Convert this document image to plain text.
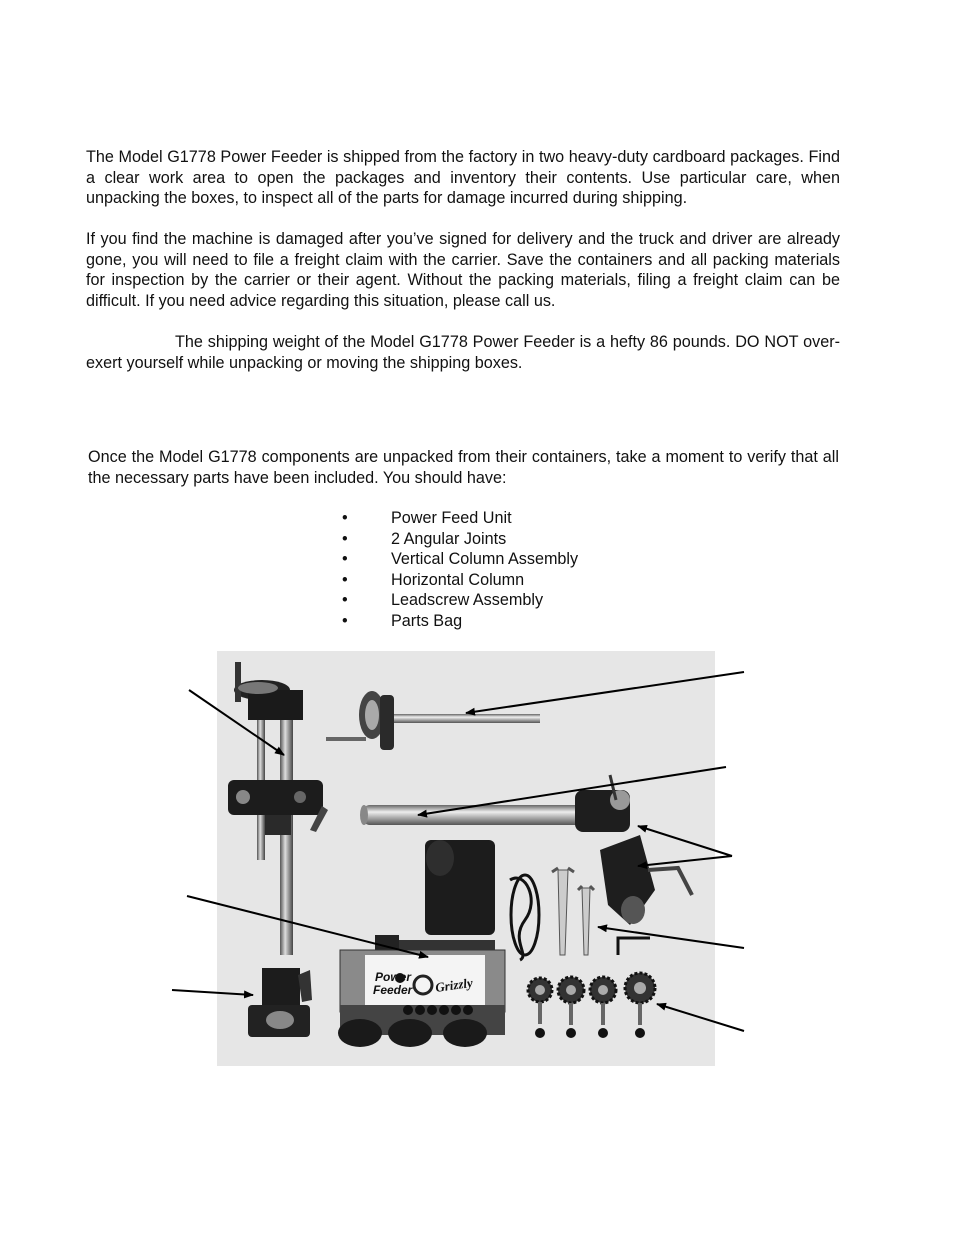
The Model G1778 Power Feeder is shipped from the factory in two heavy-duty cardboard packages. Find a clear work area to open the packages and inventory their contents. Use particular care, when unpacking the boxes, to inspect all of the parts for damage incurred during shipping.

If you find the machine is damaged after you’ve signed for delivery and the truck and driver are already gone, you will need to file a freight claim with the carrier. Save the containers and all packing materials for inspection by the carrier or their agent. Without the packing materials, filing a freight claim can be difficult. If you need advice regarding this situation, please call us.

The shipping weight of the Model G1778 Power Feeder is a hefty 86 pounds. DO NOT over-exert yourself while unpacking or moving the shipping boxes.

Once the Model G1778 components are unpacked from their containers, take a moment to verify that all the necessary parts have been included. You should have:

•	Power Feed Unit
•	2 Angular Joints
•	Vertical Column Assembly
•	Horizontal Column
•	Leadscrew Assembly
•	Parts Bag
Power
Feeder Grizzly
